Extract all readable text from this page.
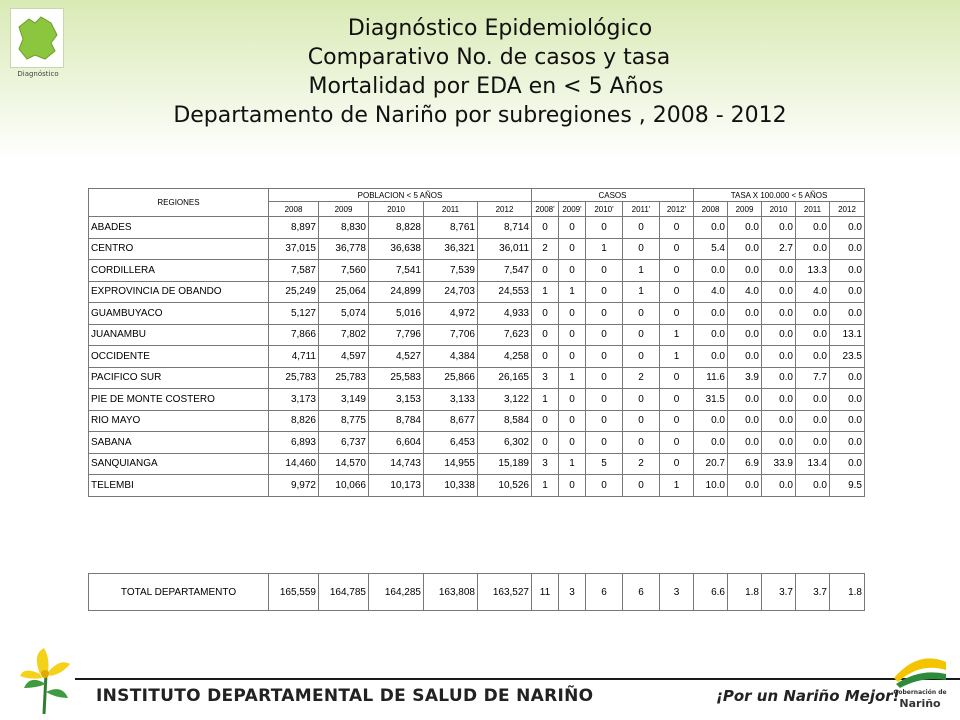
Diagnóstico
Diagnóstico Epidemiológico
Comparativo No. de casos y tasa
Mortalidad por EDA en < 5 Años
Departamento de Nariño por subregiones , 2008 - 2012
REGIONES	POBLACION < 5 AÑOS					CASOS					TASA X 100.000 < 5 AÑOS				
	2008	2009	2010	2011	2012	2008'	2009'	2010'	2011'	2012'	2008	2009	2010	2011	2012
ABADES	8,897	8,830	8,828	8,761	8,714	0	0	0	0	0	0.0	0.0	0.0	0.0	0.0
CENTRO	37,015	36,778	36,638	36,321	36,011	2	0	1	0	0	5.4	0.0	2.7	0.0	0.0
CORDILLERA	7,587	7,560	7,541	7,539	7,547	0	0	0	1	0	0.0	0.0	0.0	13.3	0.0
EXPROVINCIA DE OBANDO	25,249	25,064	24,899	24,703	24,553	1	1	0	1	0	4.0	4.0	0.0	4.0	0.0
GUAMBUYACO	5,127	5,074	5,016	4,972	4,933	0	0	0	0	0	0.0	0.0	0.0	0.0	0.0
JUANAMBU	7,866	7,802	7,796	7,706	7,623	0	0	0	0	1	0.0	0.0	0.0	0.0	13.1
OCCIDENTE	4,711	4,597	4,527	4,384	4,258	0	0	0	0	1	0.0	0.0	0.0	0.0	23.5
PACIFICO SUR	25,783	25,783	25,583	25,866	26,165	3	1	0	2	0	11.6	3.9	0.0	7.7	0.0
PIE DE MONTE COSTERO	3,173	3,149	3,153	3,133	3,122	1	0	0	0	0	31.5	0.0	0.0	0.0	0.0
RIO MAYO	8,826	8,775	8,784	8,677	8,584	0	0	0	0	0	0.0	0.0	0.0	0.0	0.0
SABANA	6,893	6,737	6,604	6,453	6,302	0	0	0	0	0	0.0	0.0	0.0	0.0	0.0
SANQUIANGA	14,460	14,570	14,743	14,955	15,189	3	1	5	2	0	20.7	6.9	33.9	13.4	0.0
TELEMBI	9,972	10,066	10,173	10,338	10,526	1	0	0	0	1	10.0	0.0	0.0	0.0	9.5
TOTAL DEPARTAMENTO	165,559	164,785	164,285	163,808	163,527	11	3	6	6	3	6.6	1.8	3.7	3.7	1.8
INSTITUTO DEPARTAMENTAL DE SALUD DE NARIÑO	¡Por un Nariño Mejor!
Gobernación de
Nariño
